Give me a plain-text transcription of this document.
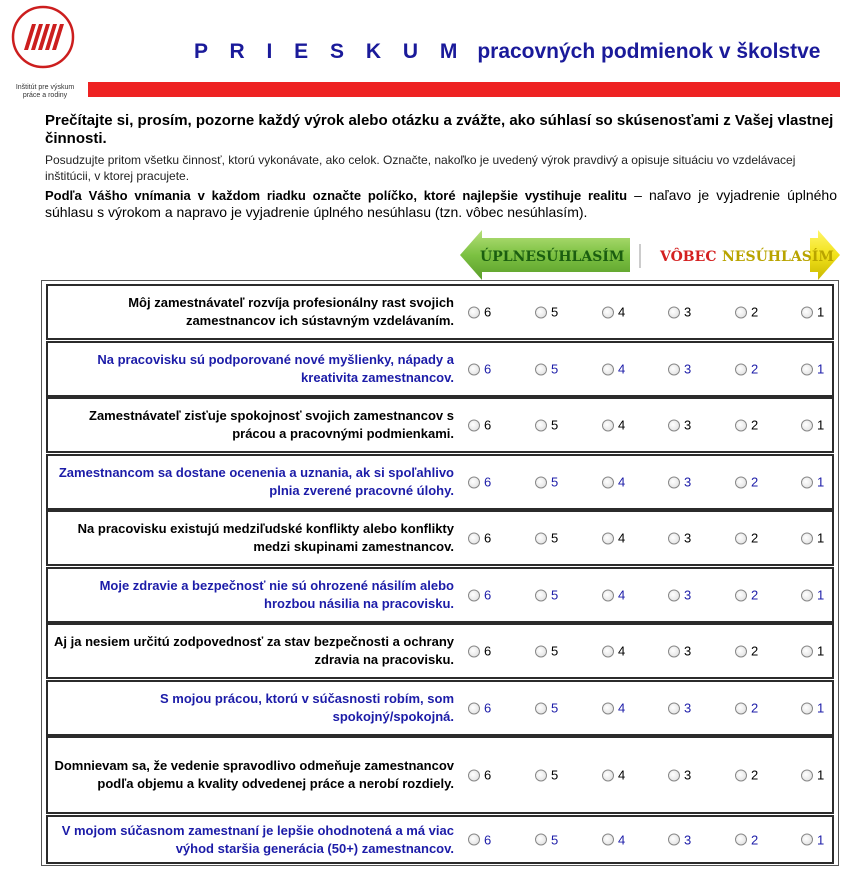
Inštitút pre výskum
práce a rodiny
P R I E S K U M pracovných podmienok v školstve

Prečítajte si, prosím, pozorne každý výrok alebo otázku a zvážte, ako súhlasí so skúsenosťami z Vašej vlastnej činnosti.

Posudzujte pritom všetku činnosť, ktorú vykonávate, ako celok. Označte, nakoľko je uvedený výrok pravdivý a opisuje situáciu vo vzdelávacej inštitúcii, v ktorej pracujete.

Podľa Vášho vnímania v každom riadku označte políčko, ktoré najlepšie vystihuje realitu – naľavo je vyjadrenie úplného súhlasu s výrokom a napravo je vyjadrenie úplného nesúhlasu (tzn. vôbec nesúhlasím).

ÚPLNE SÚHLASÍM	VÔBEC NESÚHLASÍM
Môj zamestnávateľ rozvíja profesionálny rast svojich zamestnancov ich sústavným vzdelávaním.
6	5	4	3	2	1
Na pracovisku sú podporované nové myšlienky, nápady a kreativita zamestnancov.
6	5	4	3	2	1
Zamestnávateľ zisťuje spokojnosť svojich zamestnancov s prácou a pracovnými podmienkami.
6	5	4	3	2	1
Zamestnancom sa dostane ocenenia a uznania, ak si spoľahlivo plnia zverené pracovné úlohy.
6	5	4	3	2	1
Na pracovisku existujú medziľudské konflikty alebo konflikty medzi skupinami zamestnancov.
6	5	4	3	2	1
Moje zdravie a bezpečnosť nie sú ohrozené násilím alebo hrozbou násilia na pracovisku.
6	5	4	3	2	1
Aj ja nesiem určitú zodpovednosť za stav bezpečnosti a ochrany zdravia na pracovisku.
6	5	4	3	2	1
S mojou prácou, ktorú v súčasnosti robím, som spokojný/spokojná.
6	5	4	3	2	1
Domnievam sa, že vedenie spravodlivo odmeňuje zamestnancov podľa objemu a kvality odvedenej práce a nerobí rozdiely.
6	5	4	3	2	1
V mojom súčasnom zamestnaní je lepšie ohodnotená a má viac výhod staršia generácia (50+) zamestnancov.
6	5	4	3	2	1
